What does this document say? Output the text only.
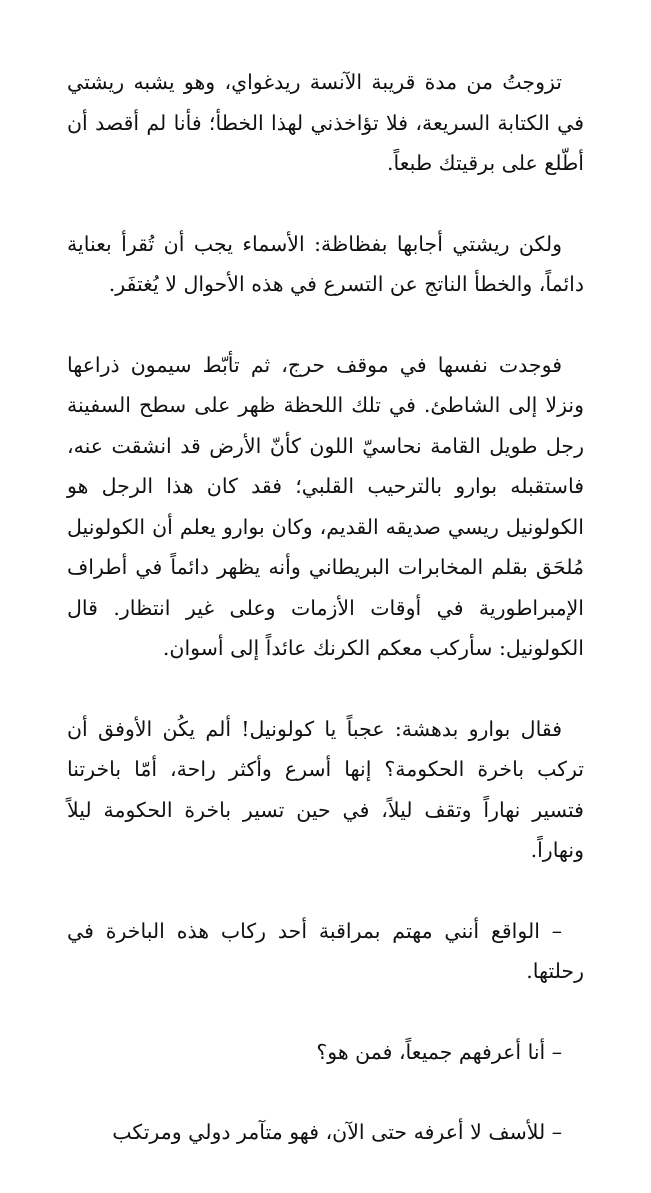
تزوجتُ من مدة قريبة الآنسة ريدغواي، وهو يشبه ريشتي في الكتابة السريعة، فلا تؤاخذني لهذا الخطأ؛ فأنا لم أقصد أن أطّلع على برقيتك طبعاً.

ولكن ريشتي أجابها بفظاظة: الأسماء يجب أن تُقرأ بعناية دائماً، والخطأ الناتج عن التسرع في هذه الأحوال لا يُغتفَر.

فوجدت نفسها في موقف حرج، ثم تأبّط سيمون ذراعها ونزلا إلى الشاطئ. في تلك اللحظة ظهر على سطح السفينة رجل طويل القامة نحاسيّ اللون كأنّ الأرض قد انشقت عنه، فاستقبله بوارو بالترحيب القلبي؛ فقد كان هذا الرجل هو الكولونيل ريسي صديقه القديم، وكان بوارو يعلم أن الكولونيل مُلحَق بقلم المخابرات البريطاني وأنه يظهر دائماً في أطراف الإمبراطورية في أوقات الأزمات وعلى غير انتظار. قال الكولونيل: سأركب معكم الكرنك عائداً إلى أسوان.

فقال بوارو بدهشة: عجباً يا كولونيل! ألم يكُن الأوفق أن تركب باخرة الحكومة؟ إنها أسرع وأكثر راحة، أمّا باخرتنا فتسير نهاراً وتقف ليلاً، في حين تسير باخرة الحكومة ليلاً ونهاراً.

– الواقع أنني مهتم بمراقبة أحد ركاب هذه الباخرة في رحلتها.

– أنا أعرفهم جميعاً، فمن هو؟

– للأسف لا أعرفه حتى الآن، فهو متآمر دولي ومرتكب
